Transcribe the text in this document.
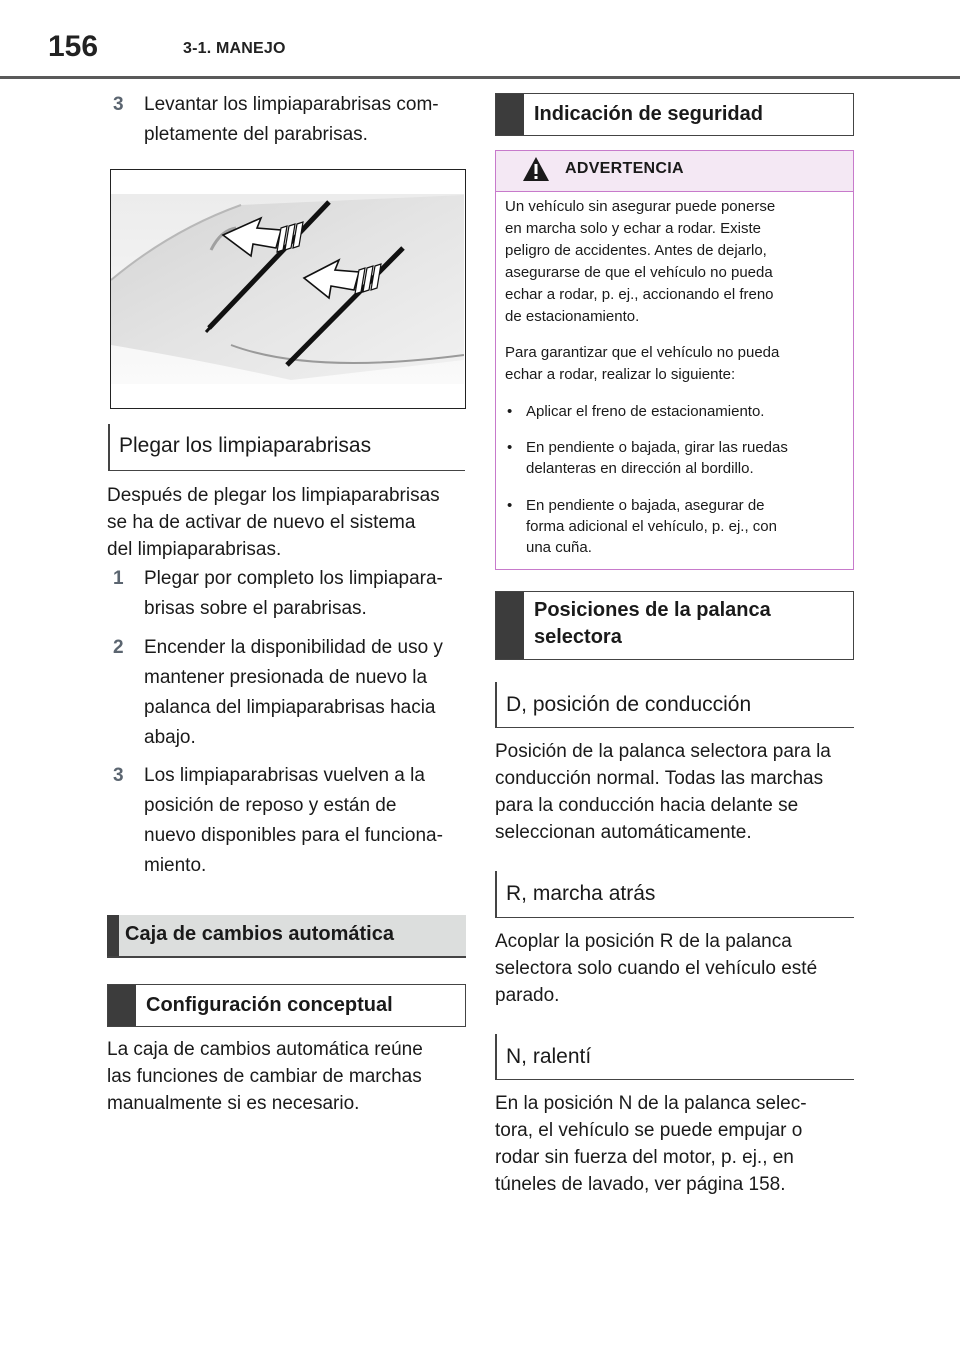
156	3-1. MANEJO
3 Levantar los limpiaparabrisas com-
pletamente del parabrisas.
Plegar los limpiaparabrisas
Después de plegar los limpiaparabrisas
se ha de activar de nuevo el sistema
del limpiaparabrisas.
1 Plegar por completo los limpiapara-
brisas sobre el parabrisas.
2 Encender la disponibilidad de uso y
mantener presionada de nuevo la
palanca del limpiaparabrisas hacia
abajo.
3 Los limpiaparabrisas vuelven a la
posición de reposo y están de
nuevo disponibles para el funciona-
miento.
Caja de cambios automática
Configuración conceptual
La caja de cambios automática reúne
las funciones de cambiar de marchas
manualmente si es necesario.
Indicación de seguridad
ADVERTENCIA
Un vehículo sin asegurar puede ponerse
en marcha solo y echar a rodar. Existe
peligro de accidentes. Antes de dejarlo,
asegurarse de que el vehículo no pueda
echar a rodar, p. ej., accionando el freno
de estacionamiento.
Para garantizar que el vehículo no pueda
echar a rodar, realizar lo siguiente:
• Aplicar el freno de estacionamiento.
• En pendiente o bajada, girar las ruedas
delanteras en dirección al bordillo.
• En pendiente o bajada, asegurar de
forma adicional el vehículo, p. ej., con
una cuña.
Posiciones de la palanca
selectora
D, posición de conducción
Posición de la palanca selectora para la
conducción normal. Todas las marchas
para la conducción hacia delante se
seleccionan automáticamente.
R, marcha atrás
Acoplar la posición R de la palanca
selectora solo cuando el vehículo esté
parado.
N, ralentí
En la posición N de la palanca selec-
tora, el vehículo se puede empujar o
rodar sin fuerza del motor, p. ej., en
túneles de lavado, ver página 158.
